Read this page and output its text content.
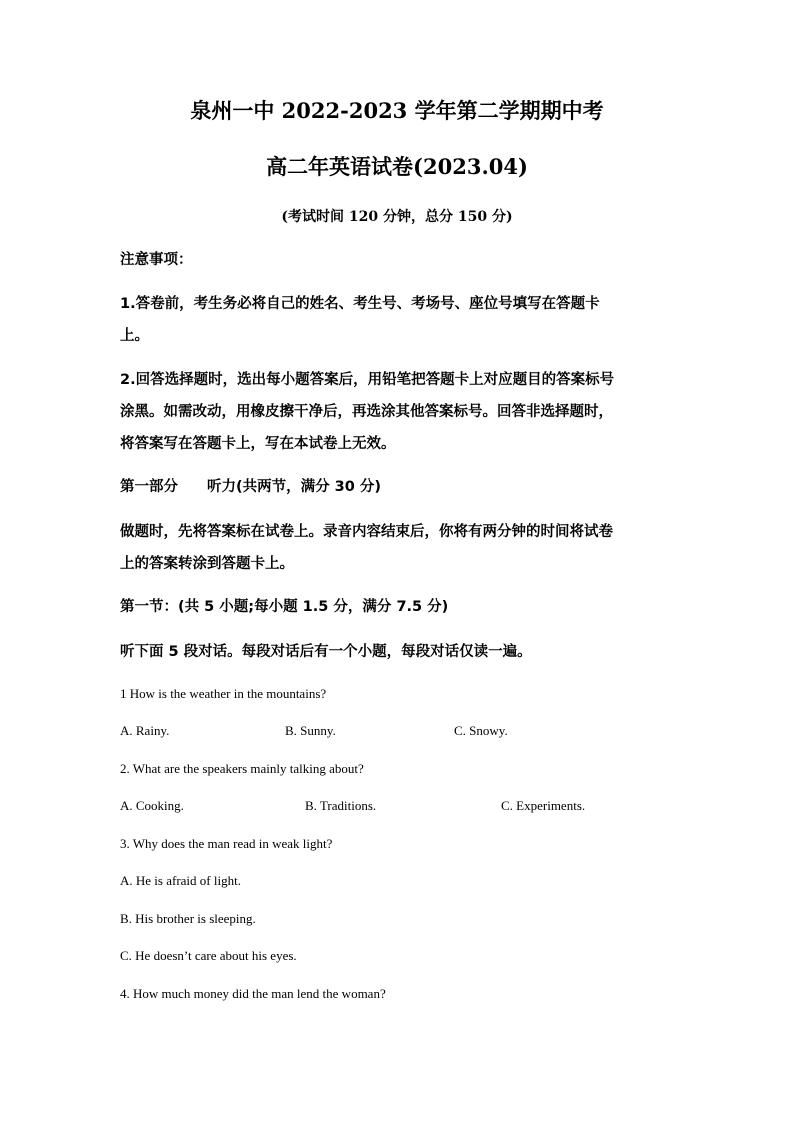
泉州一中 2022-2023 学年第二学期期中考
高二年英语试卷(2023.04)
(考试时间 120 分钟，总分 150 分)
注意事项：
1.答卷前，考生务必将自己的姓名、考生号、考场号、座位号填写在答题卡
上。
2.回答选择题时，选出每小题答案后，用铅笔把答题卡上对应题目的答案标号
涂黑。如需改动，用橡皮擦干净后，再选涂其他答案标号。回答非选择题时，
将答案写在答题卡上，写在本试卷上无效。
第一部分　　听力(共两节，满分 30 分)
做题时，先将答案标在试卷上。录音内容结束后，你将有两分钟的时间将试卷
上的答案转涂到答题卡上。
第一节：(共 5 小题;每小题 1.5 分，满分 7.5 分)
听下面 5 段对话。每段对话后有一个小题，每段对话仅读一遍。
1 How is the weather in the mountains?
A. Rainy.	B. Sunny.	C. Snowy.
2. What are the speakers mainly talking about?
A. Cooking.	B. Traditions.	C. Experiments.
3. Why does the man read in weak light?
A. He is afraid of light.
B. His brother is sleeping.
C. He doesn’t care about his eyes.
4. How much money did the man lend the woman?
